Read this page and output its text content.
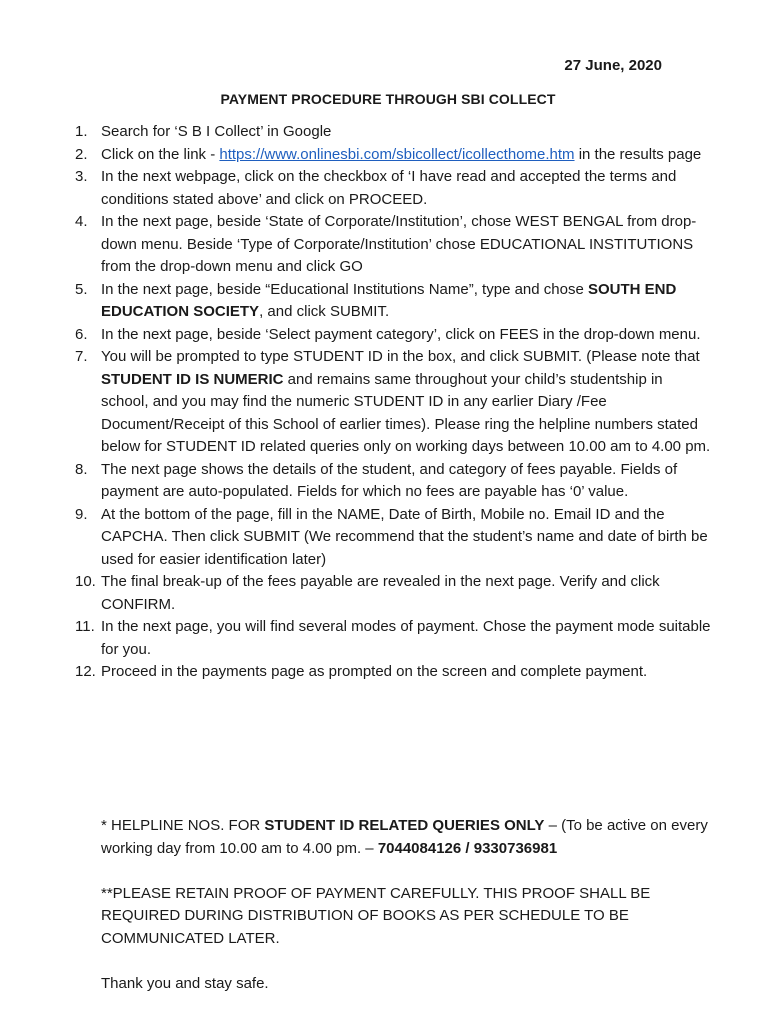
27 June, 2020
PAYMENT PROCEDURE THROUGH SBI COLLECT
1. Search for ‘S B I Collect’ in Google
2. Click on the link - https://www.onlinesbi.com/sbicollect/icollecthome.htm in the results page
3. In the next webpage, click on the checkbox of ‘I have read and accepted the terms and conditions stated above’ and click on PROCEED.
4. In the next page, beside ‘State of Corporate/Institution’, chose WEST BENGAL from drop-down menu. Beside ‘Type of Corporate/Institution’ chose EDUCATIONAL INSTITUTIONS from the drop-down menu and click GO
5. In the next page, beside “Educational Institutions Name”, type and chose SOUTH END EDUCATION SOCIETY, and click SUBMIT.
6. In the next page, beside ‘Select payment category’, click on FEES in the drop-down menu.
7. You will be prompted to type STUDENT ID in the box, and click SUBMIT. (Please note that STUDENT ID IS NUMERIC and remains same throughout your child’s studentship in school, and you may find the numeric STUDENT ID in any earlier Diary /Fee Document/Receipt of this School of earlier times). Please ring the helpline numbers stated below for STUDENT ID related queries only on working days between 10.00 am to 4.00 pm.
8. The next page shows the details of the student, and category of fees payable. Fields of payment are auto-populated. Fields for which no fees are payable has ‘0’ value.
9. At the bottom of the page, fill in the NAME, Date of Birth, Mobile no. Email ID and the CAPCHA. Then click SUBMIT (We recommend that the student’s name and date of birth be used for easier identification later)
10. The final break-up of the fees payable are revealed in the next page. Verify and click CONFIRM.
11. In the next page, you will find several modes of payment. Chose the payment mode suitable for you.
12. Proceed in the payments page as prompted on the screen and complete payment.

* HELPLINE NOS. FOR STUDENT ID RELATED QUERIES ONLY – (To be active on every working day from 10.00 am to 4.00 pm. – 7044084126 / 9330736981

**PLEASE RETAIN PROOF OF PAYMENT CAREFULLY. THIS PROOF SHALL BE REQUIRED DURING DISTRIBUTION OF BOOKS AS PER SCHEDULE TO BE COMMUNICATED LATER.

Thank you and stay safe.
